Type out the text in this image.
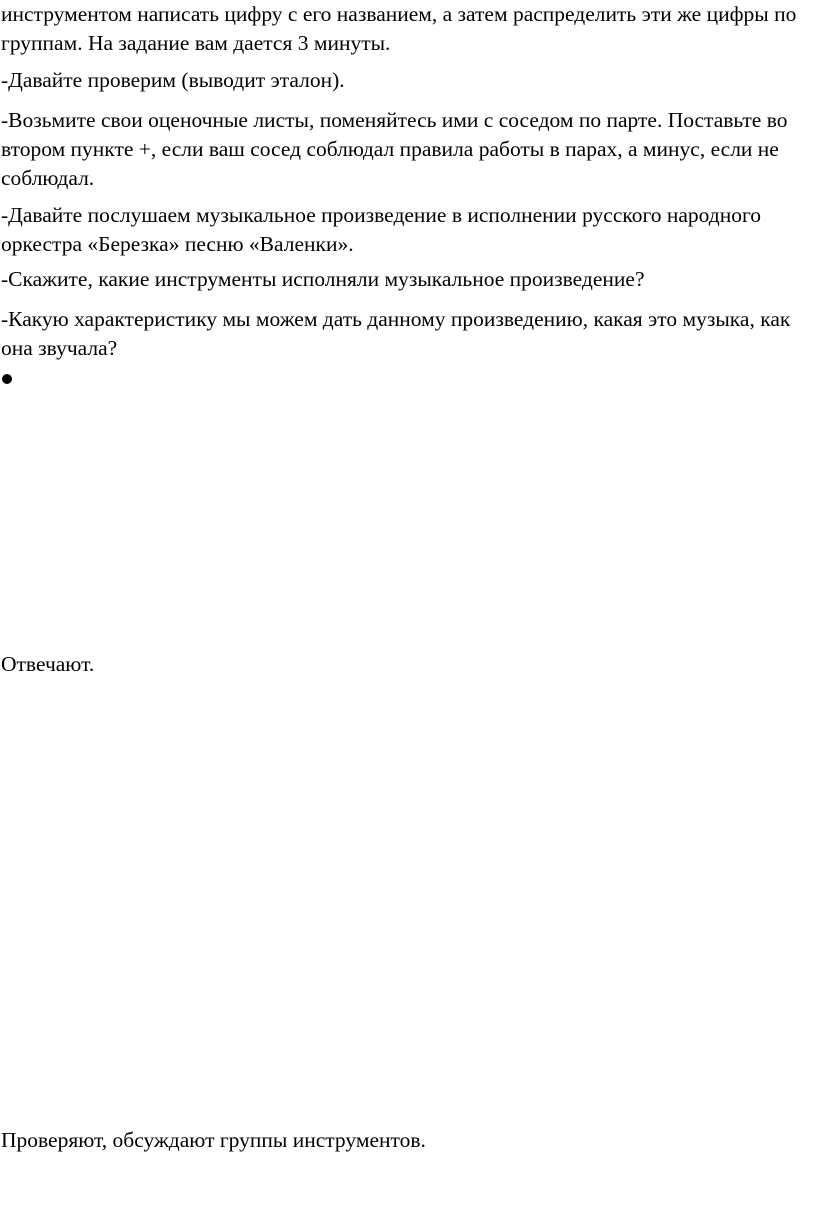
инструментом написать цифру с его названием, а затем распределить эти же цифры по группам. На задание вам дается 3 минуты.

-Давайте проверим (выводит эталон).

-Возьмите свои оценочные листы, поменяйтесь ими с соседом по парте. Поставьте во втором пункте +, если ваш сосед соблюдал правила работы в парах, а минус, если не соблюдал.

-Давайте послушаем музыкальное произведение в исполнении русского народного оркестра «Березка» песню «Валенки».

-Скажите, какие инструменты исполняли музыкальное произведение?

-Какую характеристику мы можем дать данному произведению, какая это музыка, как она звучала?

Отвечают.

Проверяют, обсуждают группы инструментов.
